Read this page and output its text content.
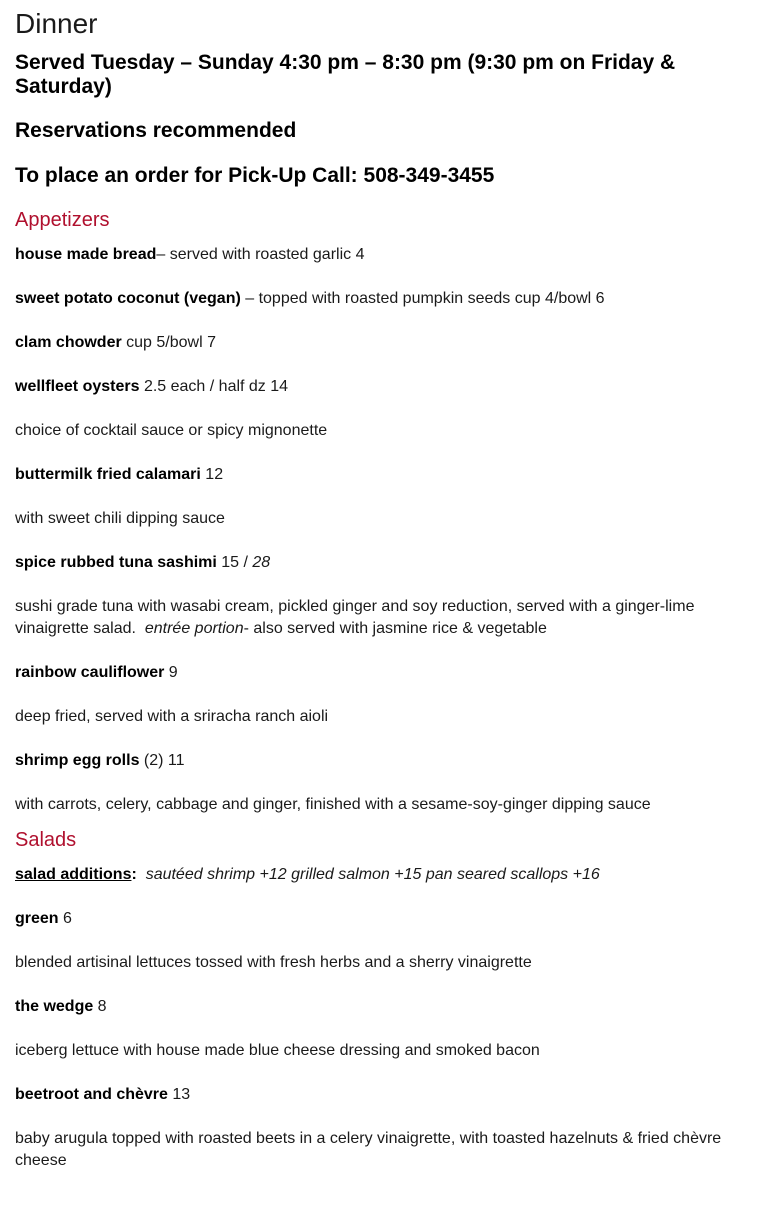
Dinner
Served Tuesday – Sunday 4:30 pm – 8:30 pm (9:30 pm on Friday & Saturday)
Reservations recommended
To place an order for Pick-Up Call: 508-349-3455
Appetizers

house made bread– served with roasted garlic 4

sweet potato coconut (vegan) – topped with roasted pumpkin seeds cup 4/bowl 6

clam chowder cup 5/bowl 7

wellfleet oysters 2.5 each / half dz 14

choice of cocktail sauce or spicy mignonette

buttermilk fried calamari 12

with sweet chili dipping sauce

spice rubbed tuna sashimi 15 / 28

sushi grade tuna with wasabi cream, pickled ginger and soy reduction, served with a ginger-lime vinaigrette salad. entrée portion- also served with jasmine rice & vegetable

rainbow cauliflower 9

deep fried, served with a sriracha ranch aioli

shrimp egg rolls (2) 11

with carrots, celery, cabbage and ginger, finished with a sesame-soy-ginger dipping sauce

Salads

salad additions: sautéed shrimp +12 grilled salmon +15 pan seared scallops +16

green 6

blended artisinal lettuces tossed with fresh herbs and a sherry vinaigrette

the wedge 8

iceberg lettuce with house made blue cheese dressing and smoked bacon

beetroot and chèvre 13

baby arugula topped with roasted beets in a celery vinaigrette, with toasted hazelnuts & fried chèvre cheese
